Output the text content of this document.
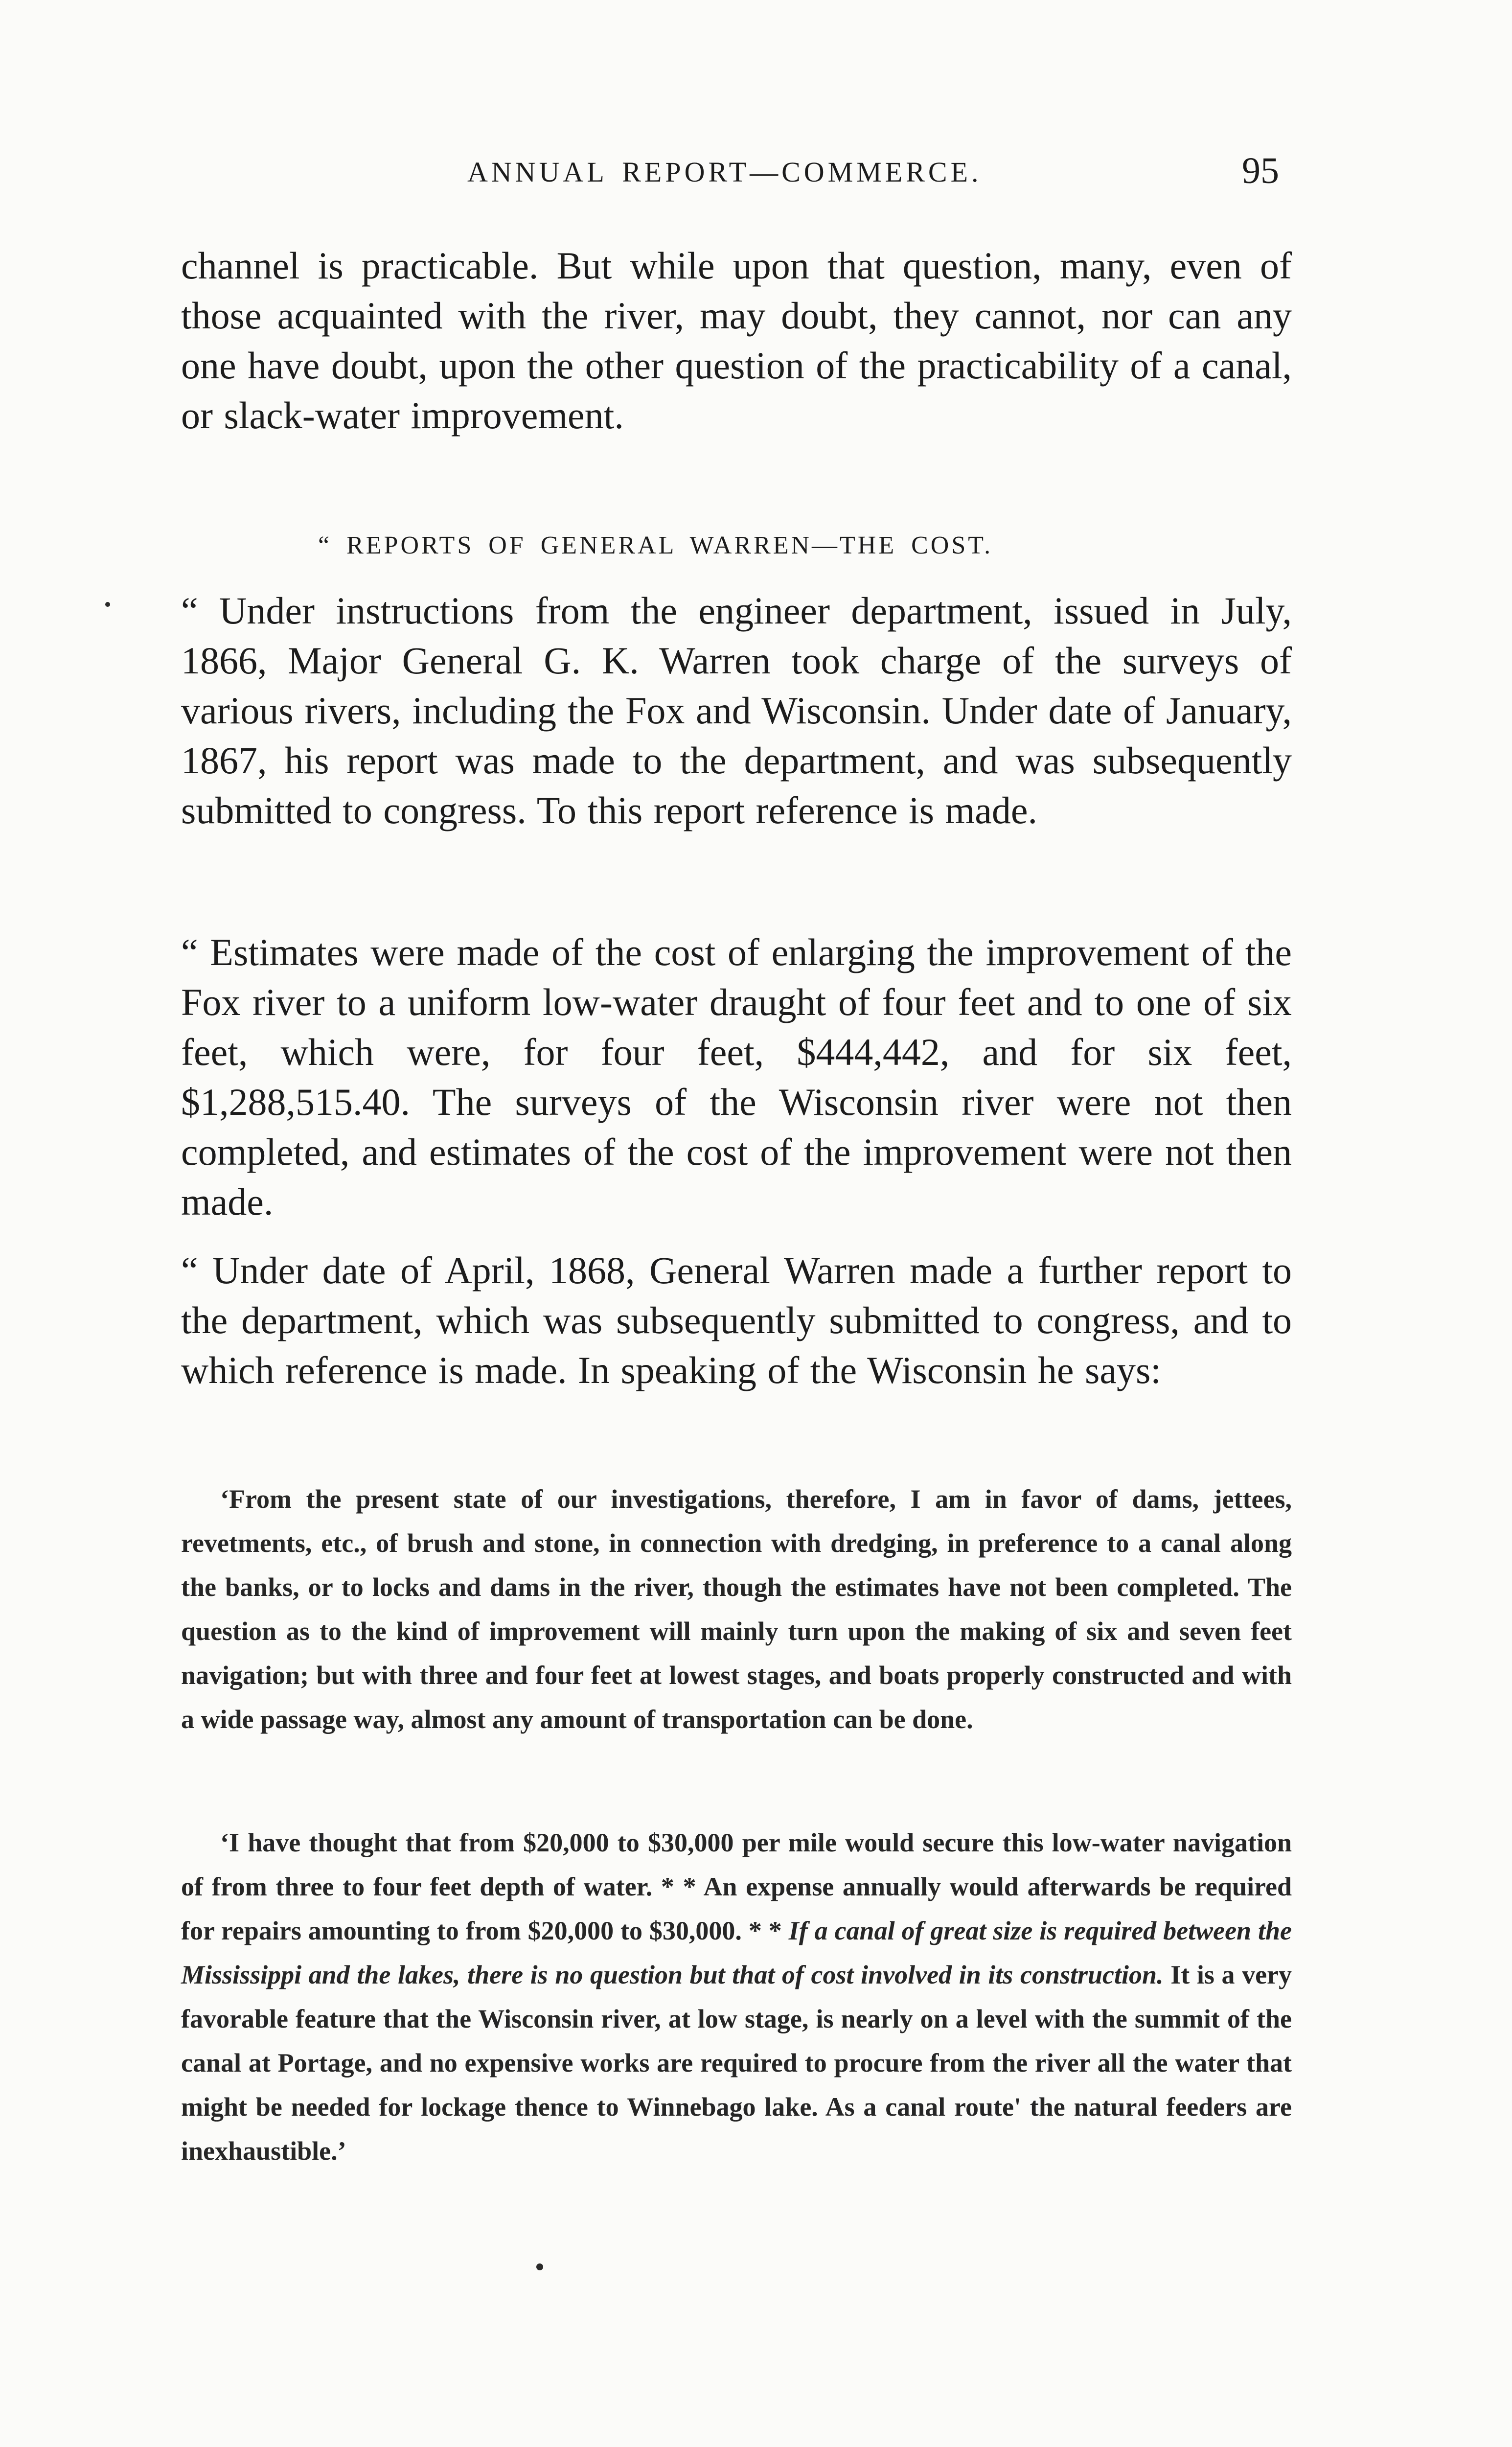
ANNUAL REPORT—COMMERCE.	95

channel is practicable. But while upon that question, many, even of those acquainted with the river, may doubt, they cannot, nor can any one have doubt, upon the other question of the practicability of a canal, or slack-water improvement.

“ REPORTS OF GENERAL WARREN—THE COST.

“ Under instructions from the engineer department, issued in July, 1866, Major General G. K. Warren took charge of the surveys of various rivers, including the Fox and Wisconsin. Under date of January, 1867, his report was made to the department, and was subsequently submitted to congress. To this report reference is made.

“ Estimates were made of the cost of enlarging the improvement of the Fox river to a uniform low-water draught of four feet and to one of six feet, which were, for four feet, $444,442, and for six feet, $1,288,515.40. The surveys of the Wisconsin river were not then completed, and estimates of the cost of the improvement were not then made.

“ Under date of April, 1868, General Warren made a further report to the department, which was subsequently submitted to congress, and to which reference is made. In speaking of the Wisconsin he says:

‘From the present state of our investigations, therefore, I am in favor of dams, jettees, revetments, etc., of brush and stone, in connection with dredging, in preference to a canal along the banks, or to locks and dams in the river, though the estimates have not been completed. The question as to the kind of improvement will mainly turn upon the making of six and seven feet navigation; but with three and four feet at lowest stages, and boats properly constructed and with a wide passage way, almost any amount of transportation can be done.

‘I have thought that from $20,000 to $30,000 per mile would secure this low-water navigation of from three to four feet depth of water. * * An expense annually would afterwards be required for repairs amounting to from $20,000 to $30,000. * * If a canal of great size is required between the Mississippi and the lakes, there is no question but that of cost involved in its construction. It is a very favorable feature that the Wisconsin river, at low stage, is nearly on a level with the summit of the canal at Portage, and no expensive works are required to procure from the river all the water that might be needed for lockage thence to Winnebago lake. As a canal route' the natural feeders are inexhaustible.’
